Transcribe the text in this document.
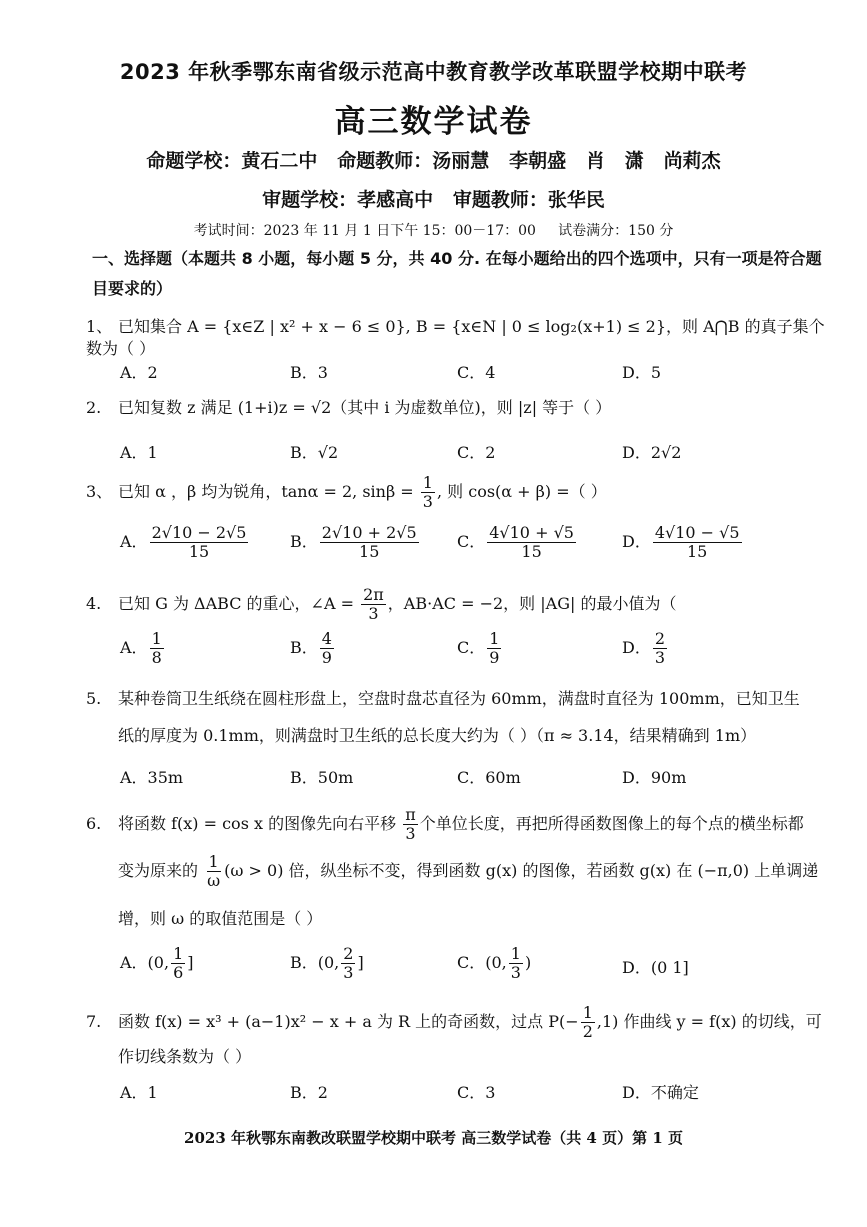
2023 年秋季鄂东南省级示范高中教育教学改革联盟学校期中联考
高三数学试卷
命题学校：黄石二中   命题教师：汤丽慧   李朝盛   肖   潇   尚莉杰
审题学校：孝感高中   审题教师：张华民
考试时间：2023 年 11 月 1 日下午 15：00－17：00     试卷满分：150 分
一、选择题（本题共 8 小题，每小题 5 分，共 40 分. 在每小题给出的四个选项中，只有一项是符合题目要求的）
1、 已知集合 A = {x∈Z | x² + x − 6 ≤ 0}, B = {x∈N | 0 ≤ log₂(x+1) ≤ 2}，则 A⋂B 的真子集个数为（ ）
A．2	B．3	C．4	D．5
2. 已知复数 z 满足 (1+i)z = √2（其中 i 为虚数单位)，则 |z| 等于（ ）
A．1	B．√2	C．2	D．2√2
3、 已知 α ，β 均为锐角，tanα = 2, $\sin\beta = \frac{1}{3}$ , 则 cos(α + β) =（ ）
A． $\frac{2√10 - 2√5}{15}$	B． $\frac{2√10 + 2√5}{15}$ C． $\frac{4√10 + √5}{15}$	D． $\frac{4√10 - √5}{15}$
4. 已知 G 为 ΔABC 的重心，∠A = $\frac{2\pi}{3}$ ，AB·AC = −2，则 |AG| 的最小值为（
A． $\frac{1}{8}$	B． $\frac{4}{9}$	C． $\frac{1}{9}$	D． $\frac{2}{3}$
5. 某种卷筒卫生纸绕在圆柱形盘上，空盘时盘芯直径为 60mm，满盘时直径为 100mm，已知卫生
纸的厚度为 0.1mm，则满盘时卫生纸的总长度大约为（ ）（π ≈ 3.14，结果精确到 1m）
A．35m	B．50m	C．60m	D．90m
6. 将函数 f(x) = cos x 的图像先向右平移 $\frac{\pi}{3}$ 个单位长度，再把所得函数图像上的每个点的横坐标都
变为原来的 $\frac{1}{\omega} (\omega > 0)$ 倍，纵坐标不变，得到函数 g(x) 的图像，若函数 g(x) 在 (−π,0) 上单调递
增，则 ω 的取值范围是（ ）
A．(0, $\frac{1}{6}$ ]	B．(0, $\frac{2}{3}$ ]	C．(0, $\frac{1}{3}$ )	D．(0 1]
7. 函数 f(x) = x³ + (a−1)x² − x + a 为 R 上的奇函数，过点 $P(- \frac{1}{2} ,1)$ 作曲线 y = f(x) 的切线，可
作切线条数为（ ）
A．1	B．2	C．3	D．不确定
2023 年秋鄂东南教改联盟学校期中联考 高三数学试卷（共 4 页）第 1 页
